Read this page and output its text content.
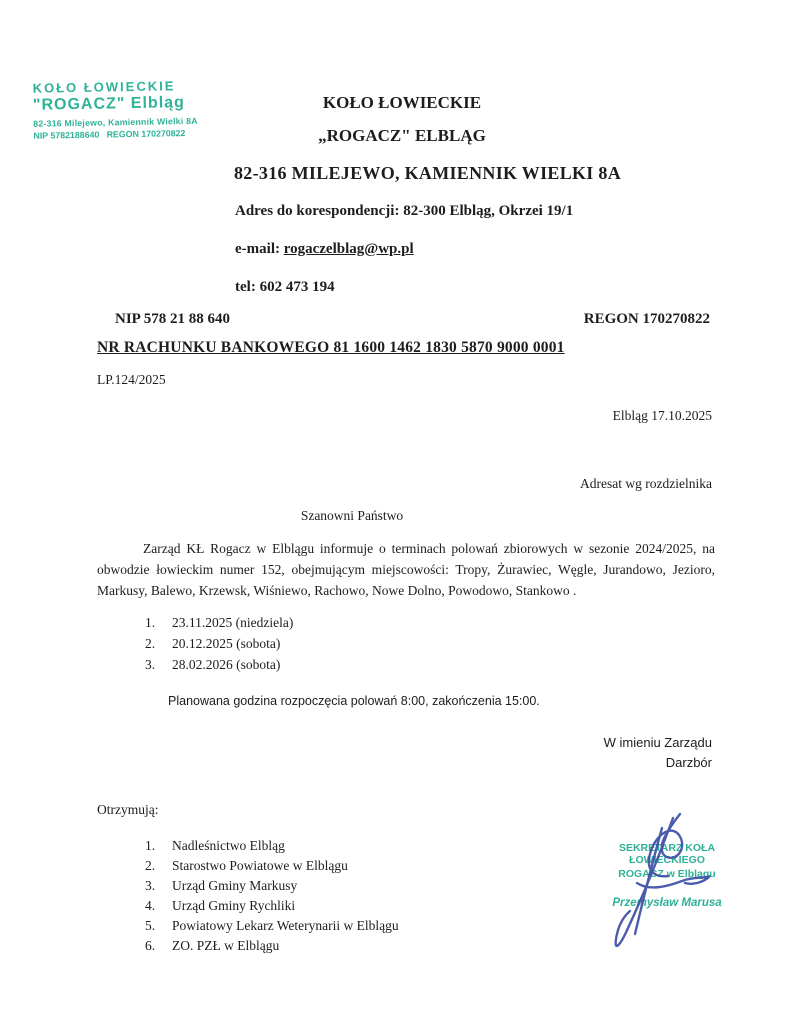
KOŁO ŁOWIECKIE
"ROGACZ" Elbląg
82-316 Milejewo, Kamiennik Wielki 8A
NIP 5782188640   REGON 170270822
KOŁO ŁOWIECKIE
„ROGACZ" ELBLĄG
82-316 MILEJEWO, KAMIENNIK WIELKI 8A
Adres do korespondencji: 82-300 Elbląg, Okrzei 19/1
e-mail: rogaczelblag@wp.pl
tel: 602 473 194
NIP 578 21 88 640	REGON 170270822
NR RACHUNKU BANKOWEGO 81 1600 1462 1830 5870 9000 0001
LP.124/2025
Elbląg 17.10.2025
Adresat wg rozdzielnika
Szanowni Państwo
Zarząd KŁ Rogacz w Elblągu informuje o terminach polowań zbiorowych w sezonie 2024/2025, na obwodzie łowieckim numer 152, obejmującym miejscowości: Tropy, Żurawiec, Węgle, Jurandowo, Jezioro, Markusy, Balewo, Krzewsk, Wiśniewo, Rachowo, Nowe Dolno, Powodowo, Stankowo .
1.	23.11.2025 (niedziela)
2.	20.12.2025 (sobota)
3.	28.02.2026 (sobota)
Planowana godzina rozpoczęcia polowań 8:00, zakończenia 15:00.
W imieniu Zarządu
Darzbór
Otrzymują:
1.	Nadleśnictwo Elbląg
2.	Starostwo Powiatowe w Elblągu
3.	Urząd Gminy Markusy
4.	Urząd Gminy Rychliki
5.	Powiatowy Lekarz Weterynarii w Elblągu
6.	ZO. PZŁ w Elblągu
SEKRETARZ KOŁA ŁOWIECKIEGO
ROGACZ w Elblągu
Przemysław Marusa
